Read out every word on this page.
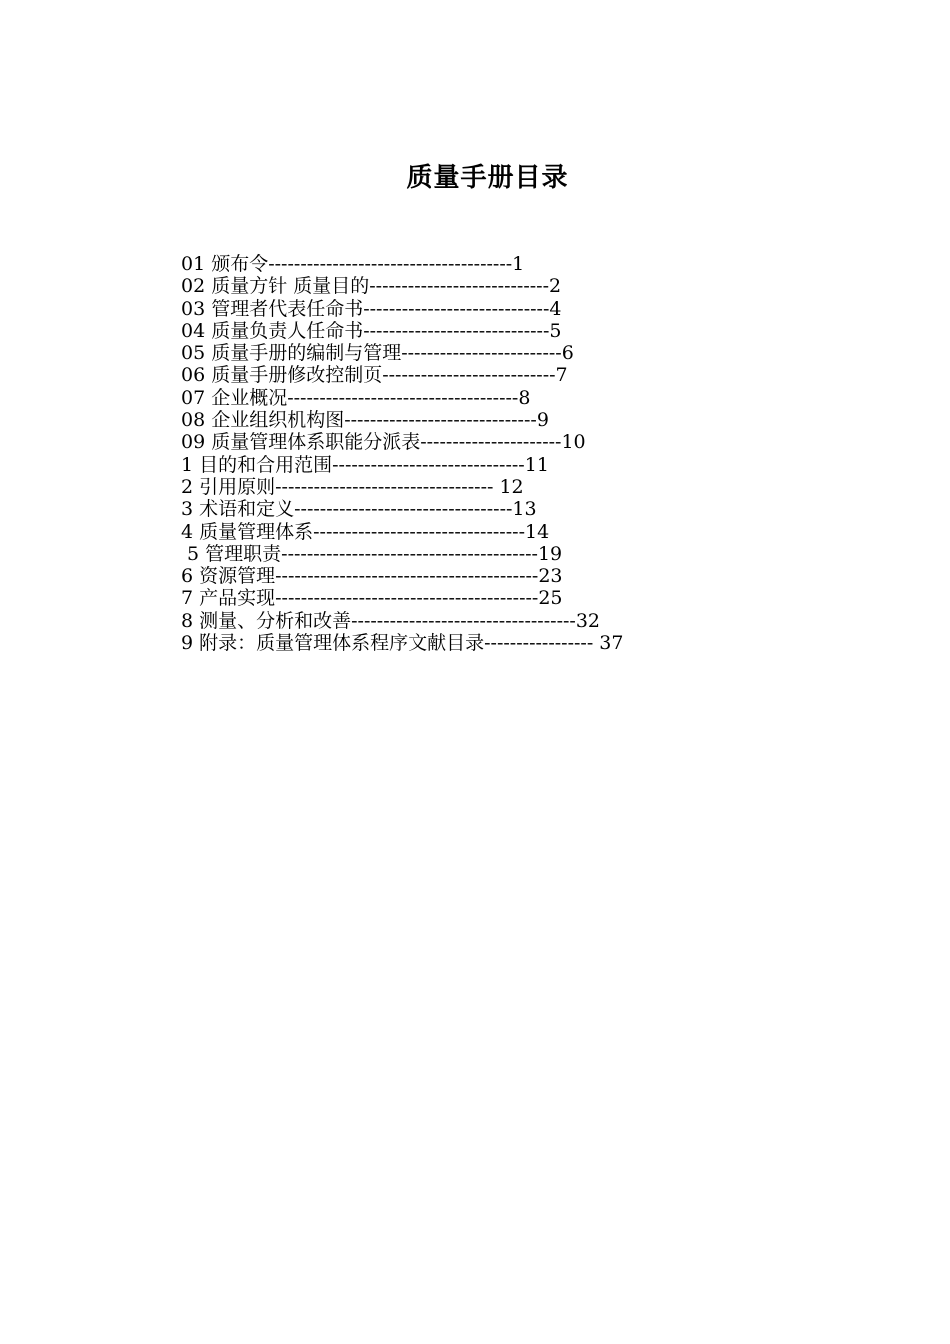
质量手册目录
01 颁布令--------------------------------------1
02 质量方针 质量目的----------------------------2
03 管理者代表任命书-----------------------------4
04 质量负责人任命书-----------------------------5
05 质量手册的编制与管理-------------------------6
06 质量手册修改控制页---------------------------7
07 企业概况------------------------------------8
08 企业组织机构图------------------------------9
09 质量管理体系职能分派表----------------------10
1 目的和合用范围------------------------------11
2 引用原则---------------------------------- 12
3 术语和定义----------------------------------13
4 质量管理体系---------------------------------14
5 管理职责----------------------------------------19
6 资源管理-----------------------------------------23
7 产品实现-----------------------------------------25
8 测量、分析和改善-----------------------------------32
9 附录：质量管理体系程序文献目录----------------- 37
